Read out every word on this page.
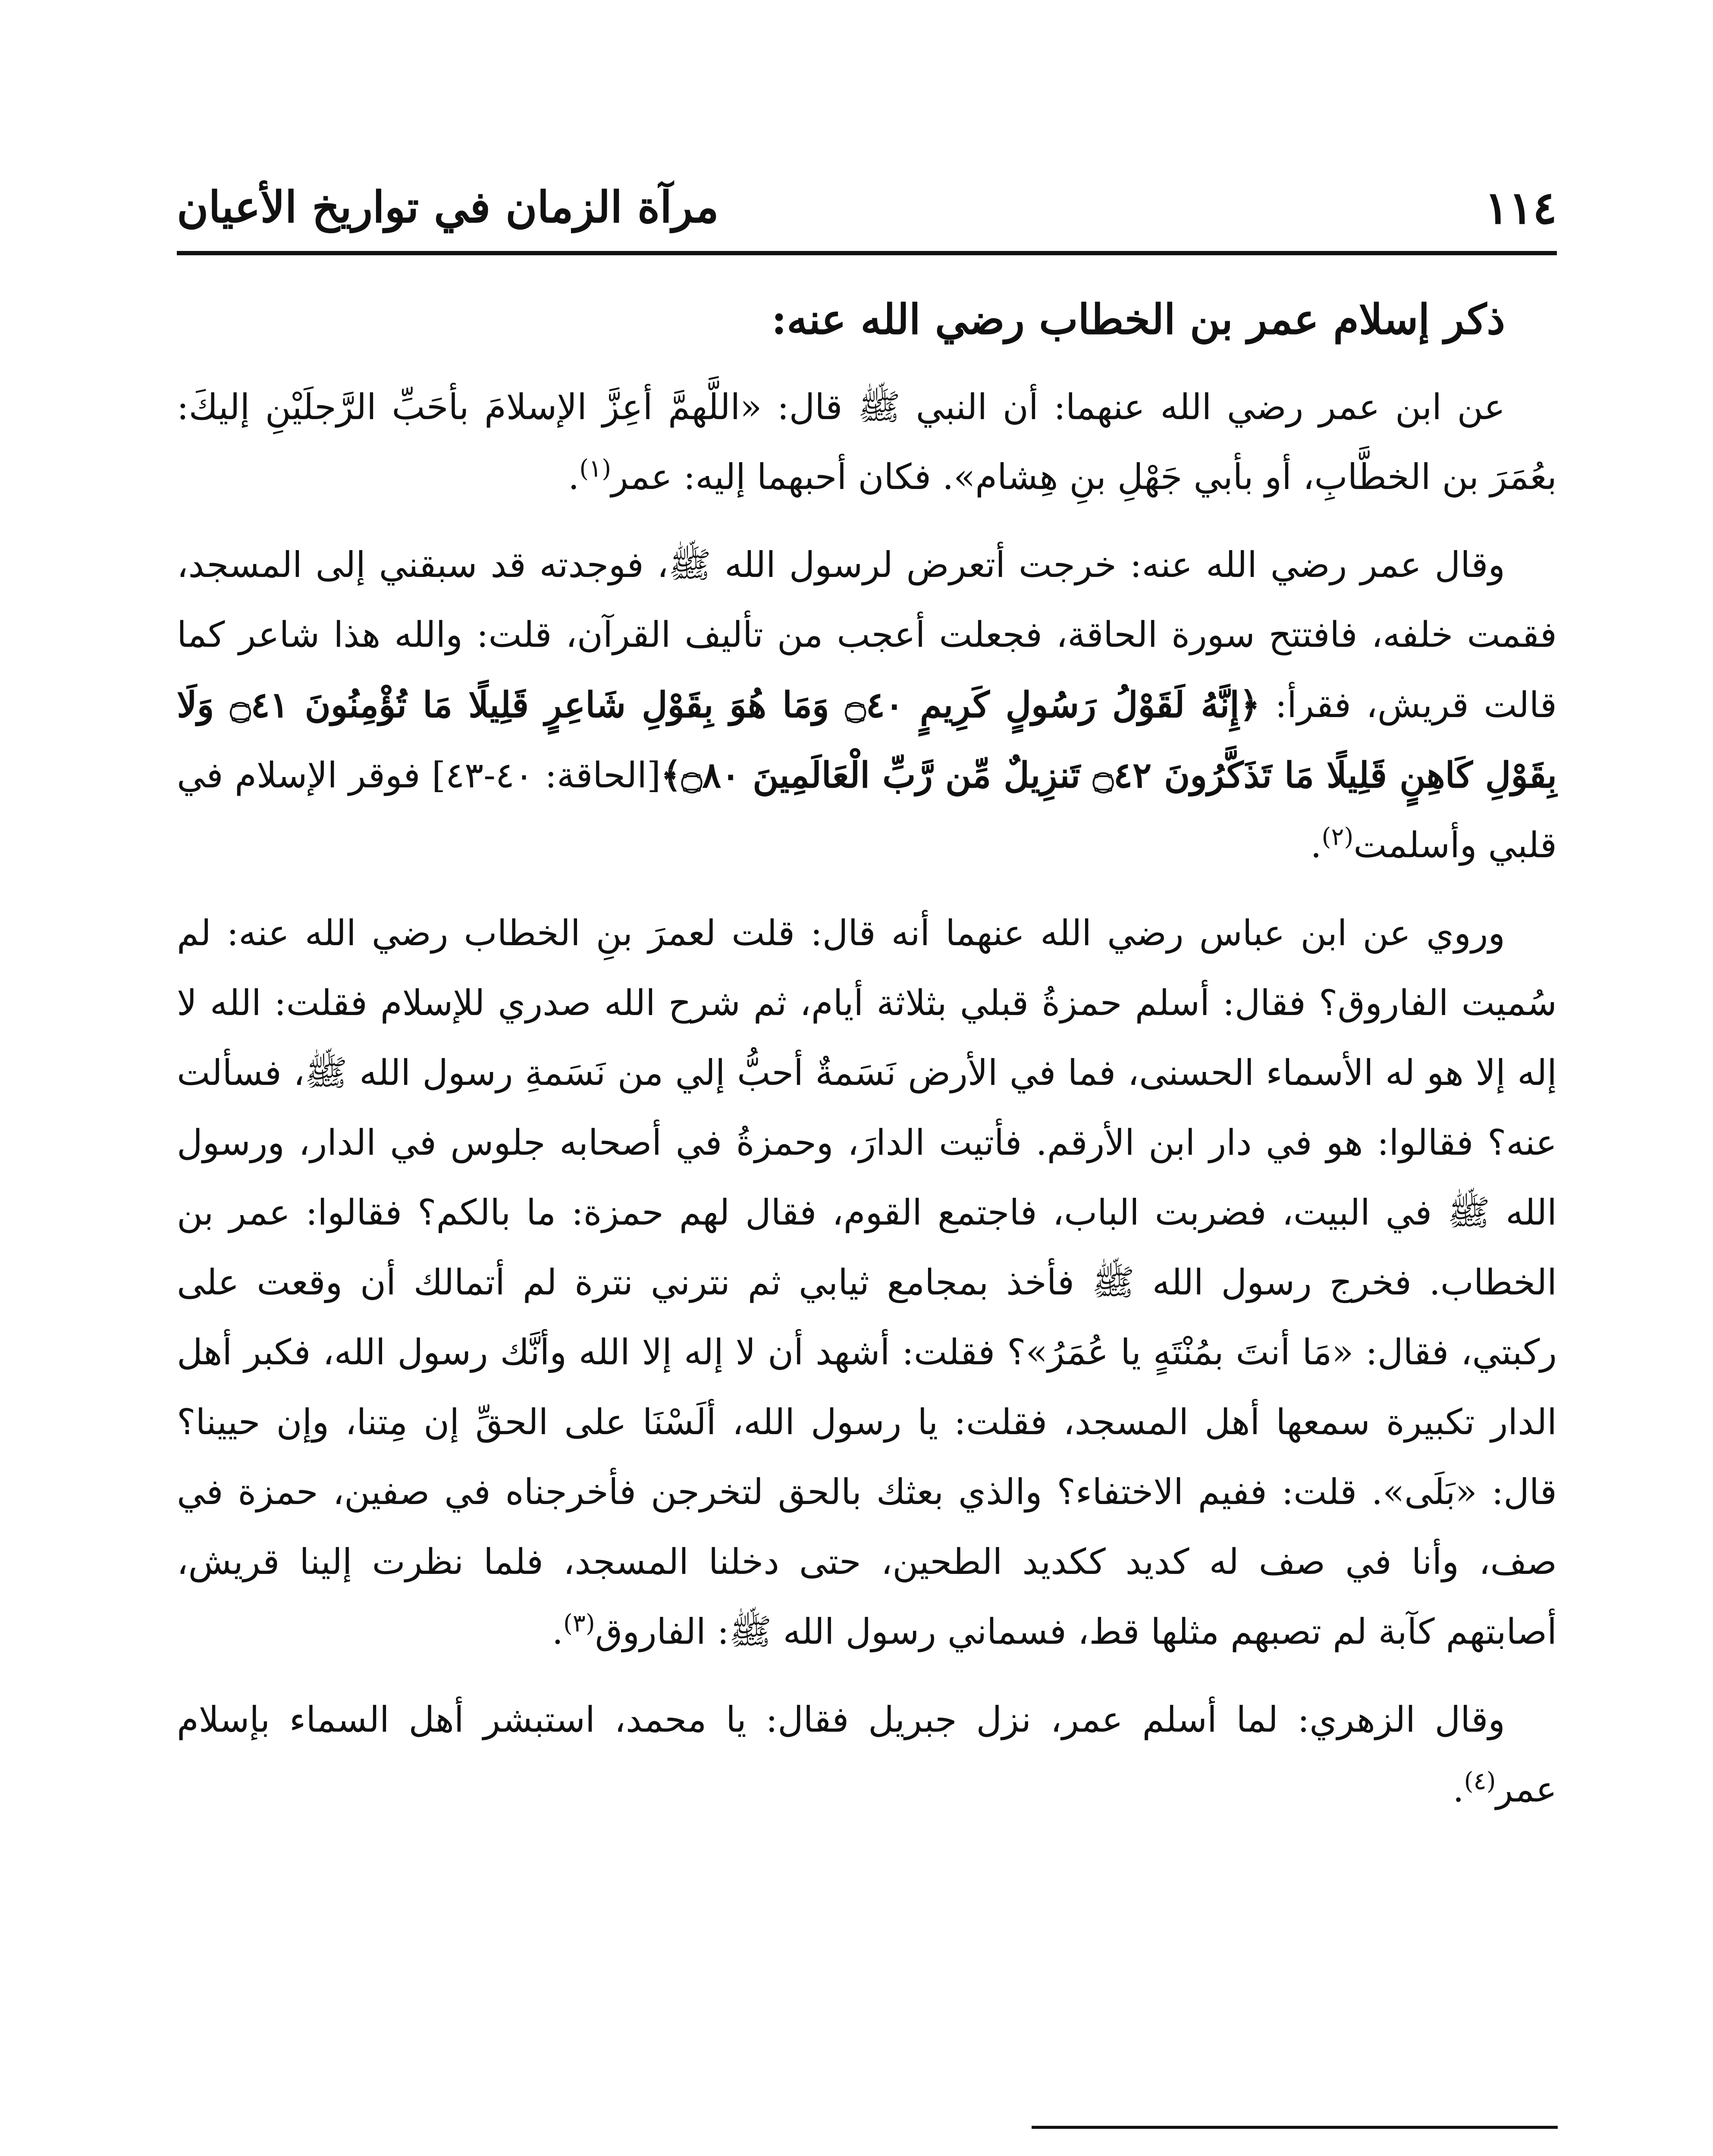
١١٤
مرآة الزمان في تواريخ الأعيان

ذكر إسلام عمر بن الخطاب رضي الله عنه:

عن ابن عمر رضي الله عنهما: أن النبي ﷺ قال: «اللَّهمَّ أعِزَّ الإسلامَ بأحَبِّ الرَّجلَيْنِ إليكَ: بعُمَرَ بن الخطَّابِ، أو بأبي جَهْلِ بنِ هِشام». فكان أحبهما إليه: عمر$^{(١)}$.

وقال عمر رضي الله عنه: خرجت أتعرض لرسول الله ﷺ، فوجدته قد سبقني إلى المسجد، فقمت خلفه، فافتتح سورة الحاقة، فجعلت أعجب من تأليف القرآن، قلت: والله هذا شاعر كما قالت قريش، فقرأ: ﴿إِنَّهُ لَقَوْلُ رَسُولٍ كَرِيمٍ ۝٤٠ وَمَا هُوَ بِقَوْلِ شَاعِرٍ قَلِيلًا مَا تُؤْمِنُونَ ۝٤١ وَلَا بِقَوْلِ كَاهِنٍ قَلِيلًا مَا تَذَكَّرُونَ ۝٤٢ تَنزِيلٌ مِّن رَّبِّ الْعَالَمِينَ ۝٨٠﴾[الحاقة: ٤٠-٤٣] فوقر الإسلام في قلبي وأسلمت$^{(٢)}$.

وروي عن ابن عباس رضي الله عنهما أنه قال: قلت لعمرَ بنِ الخطاب رضي الله عنه: لم سُميت الفاروق؟ فقال: أسلم حمزةُ قبلي بثلاثة أيام، ثم شرح الله صدري للإسلام فقلت: الله لا إله إلا هو له الأسماء الحسنى، فما في الأرض نَسَمةٌ أحبُّ إلي من نَسَمةِ رسول الله ﷺ، فسألت عنه؟ فقالوا: هو في دار ابن الأرقم. فأتيت الدارَ، وحمزةُ في أصحابه جلوس في الدار، ورسول الله ﷺ في البيت، فضربت الباب، فاجتمع القوم، فقال لهم حمزة: ما بالكم؟ فقالوا: عمر بن الخطاب. فخرج رسول الله ﷺ فأخذ بمجامع ثيابي ثم نترني نترة لم أتمالك أن وقعت على ركبتي، فقال: «مَا أنتَ بمُنْتَهٍ يا عُمَرُ»؟ فقلت: أشهد أن لا إله إلا الله وأنَّك رسول الله، فكبر أهل الدار تكبيرة سمعها أهل المسجد، فقلت: يا رسول الله، ألَسْنَا على الحقِّ إن مِتنا، وإن حيينا؟ قال: «بَلَى». قلت: ففيم الاختفاء؟ والذي بعثك بالحق لتخرجن فأخرجناه في صفين، حمزة في صف، وأنا في صف له كديد ككديد الطحين، حتى دخلنا المسجد، فلما نظرت إلينا قريش، أصابتهم كآبة لم تصبهم مثلها قط، فسماني رسول الله ﷺ: الفاروق$^{(٣)}$.

وقال الزهري: لما أسلم عمر، نزل جبريل فقال: يا محمد، استبشر أهل السماء بإسلام عمر$^{(٤)}$.
